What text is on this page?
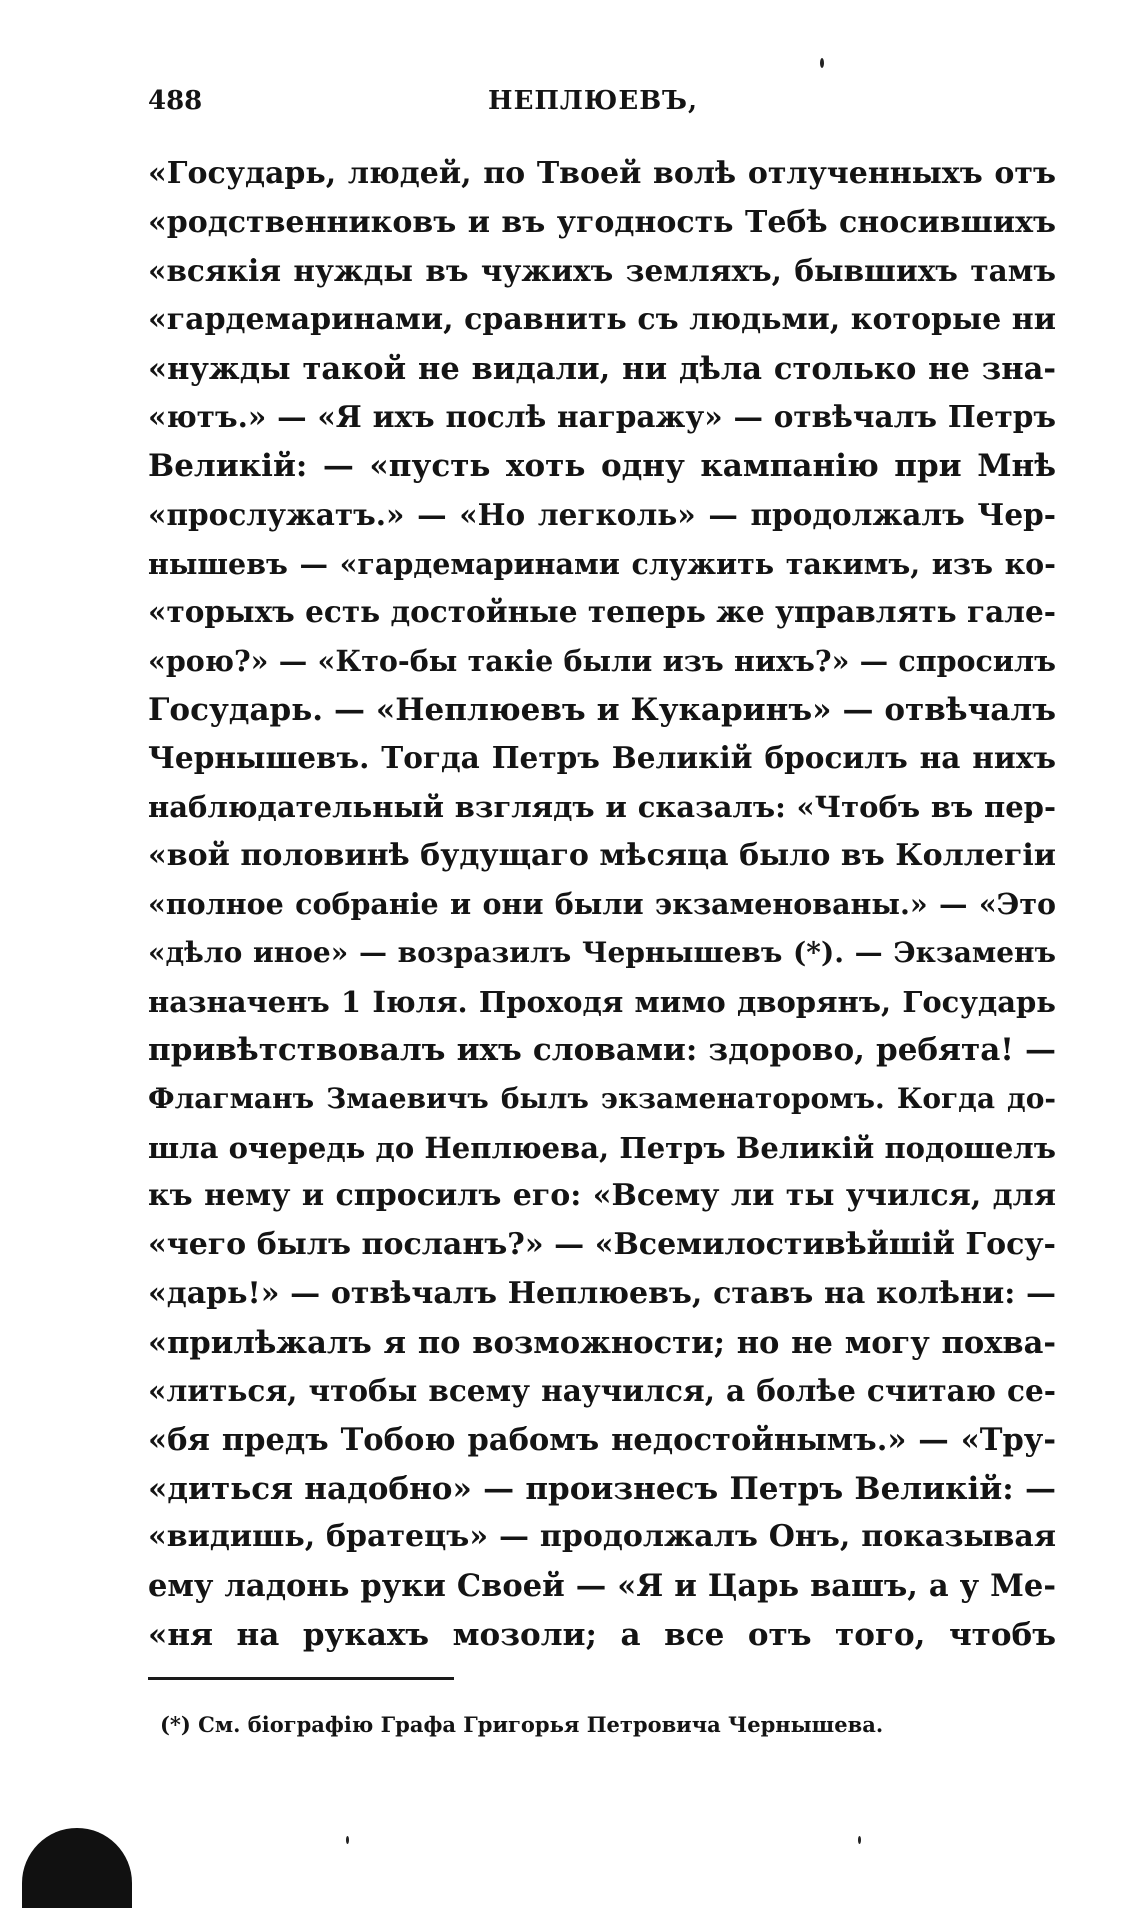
488	НЕПЛЮЕВЪ,
«Государь, людей, по Твоей волѣ отлученныхъ отъ
«родственниковъ и въ угодность Тебѣ сносившихъ
«всякія нужды въ чужихъ земляхъ, бывшихъ тамъ
«гардемаринами, сравнить съ людьми, которые ни
«нужды такой не видали, ни дѣла столько не зна-
«ютъ.» — «Я ихъ послѣ награжу» — отвѣчалъ Петръ
Великій: — «пусть хоть одну кампанію при Мнѣ
«прослужатъ.» — «Но легколь» — продолжалъ Чер-
нышевъ — «гардемаринами служить такимъ, изъ ко-
«торыхъ есть достойные теперь же управлять гале-
«рою?» — «Кто-бы такіе были изъ нихъ?» — спросилъ
Государь. — «Неплюевъ и Кукаринъ» — отвѣчалъ
Чернышевъ. Тогда Петръ Великій бросилъ на нихъ
наблюдательный взглядъ и сказалъ: «Чтобъ въ пер-
«вой половинѣ будущаго мѣсяца было въ Коллегіи
«полное собраніе и они были экзаменованы.» — «Это
«дѣло иное» — возразилъ Чернышевъ (*). — Экзаменъ
назначенъ 1 Іюля. Проходя мимо дворянъ, Государь
привѣтствовалъ ихъ словами: здорово, ребята! —
Флагманъ Змаевичъ былъ экзаменаторомъ. Когда до-
шла очередь до Неплюева, Петръ Великій подошелъ
къ нему и спросилъ его: «Всему ли ты учился, для
«чего былъ посланъ?» — «Всемилостивѣйшій Госу-
«дарь!» — отвѣчалъ Неплюевъ, ставъ на колѣни: —
«прилѣжалъ я по возможности; но не могу похва-
«литься, чтобы всему научился, а болѣе считаю се-
«бя предъ Тобою рабомъ недостойнымъ.» — «Тру-
«диться надобно» — произнесъ Петръ Великій: —
«видишь, братецъ» — продолжалъ Онъ, показывая
ему ладонь руки Своей — «Я и Царь вашъ, а у Ме-
«ня на рукахъ мозоли; а все отъ того, чтобъ
(*) См. біографію Графа Григорья Петровича Чернышева.
